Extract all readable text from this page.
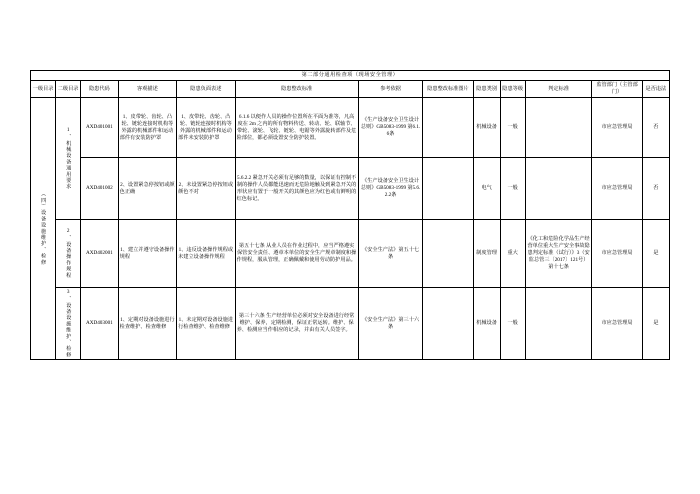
第二部分通用检查项（现场安全管理）												
一级目录	二级目录	隐患代码	客观描述	隐患负面表述	隐患整改标准	参考依据	隐患整改标准图片	隐患类别	隐患等级	判定标准	监管部门（主管部门）	是否违法

（四）设备设施维护、检修	1、机械设备通用要求	AXD401001	1、皮带轮、齿轮、凸轮、链轮连接时机构等外露的机械部件和运动部件有安装防护罩	1、皮带轮、齿轮、凸轮、链轮连接时机构等外露的机械部件和运动部件未安装防护罩	6.1.6 以便作人员的操作位置所在平面为准等，凡高度在 2m 之内的所有物料传送、转动、轮、联轴节、带轮、滚轮、飞轮、链轮、电锯等外露旋转部件及危险部位，都必须设置安全防护装置。	《生产设备安全卫生设计总则》GB5083-1999 第6.1.6条		机械设备	一般		市应急管理局	否
		AXD401002	2、设置紧急停按钮或颜色正确	2、未设置紧急停按钮或颜色不对	5.6.2.2 紧急开关必须有足够的数量，以保证有控制不制的操作人员都能迅速而无危险地触及到紧急开关的形状应有置于一般开关的其颜色应为红色或有鲜明的红色标记。	《生产设备安全卫生设计总则》GB5083-1999 第5.6.2.2条		电气	一般		市应急管理局	否

	2、设备操作规程	AXD402001	1、建立并遵守设备操作规程	1、违反设备操作规程或未建立设备操作规程	第五十七条 从业人员在作业过程中，应当严格遵实保管安全责任、遵章本单位的安全生产规章制度和操作规程，服从管理，正确佩戴和使用劳动防护用品。	《安全生产法》第五十七条		制度管理	重大	《化工和危险化学品生产经营单位重大生产安全事故隐患判定标准（试行）》3（安监总管三〔2017〕121号）第十七条	市应急管理局	是

	3、设备设施维护、检修	AXD403001	1、定期对设备设施进行检查维护、检查维修	1、未定期对设备设施进行检查维护、检查维修	第三十六条 生产经营单位必须对安全设备进行经常维护、保养，定期检测，保证正常运转。维护、保养、检测应当作相应的记录，并由有关人员签字。	《安全生产法》第三十六条		机械设备	一般		市应急管理局	是
